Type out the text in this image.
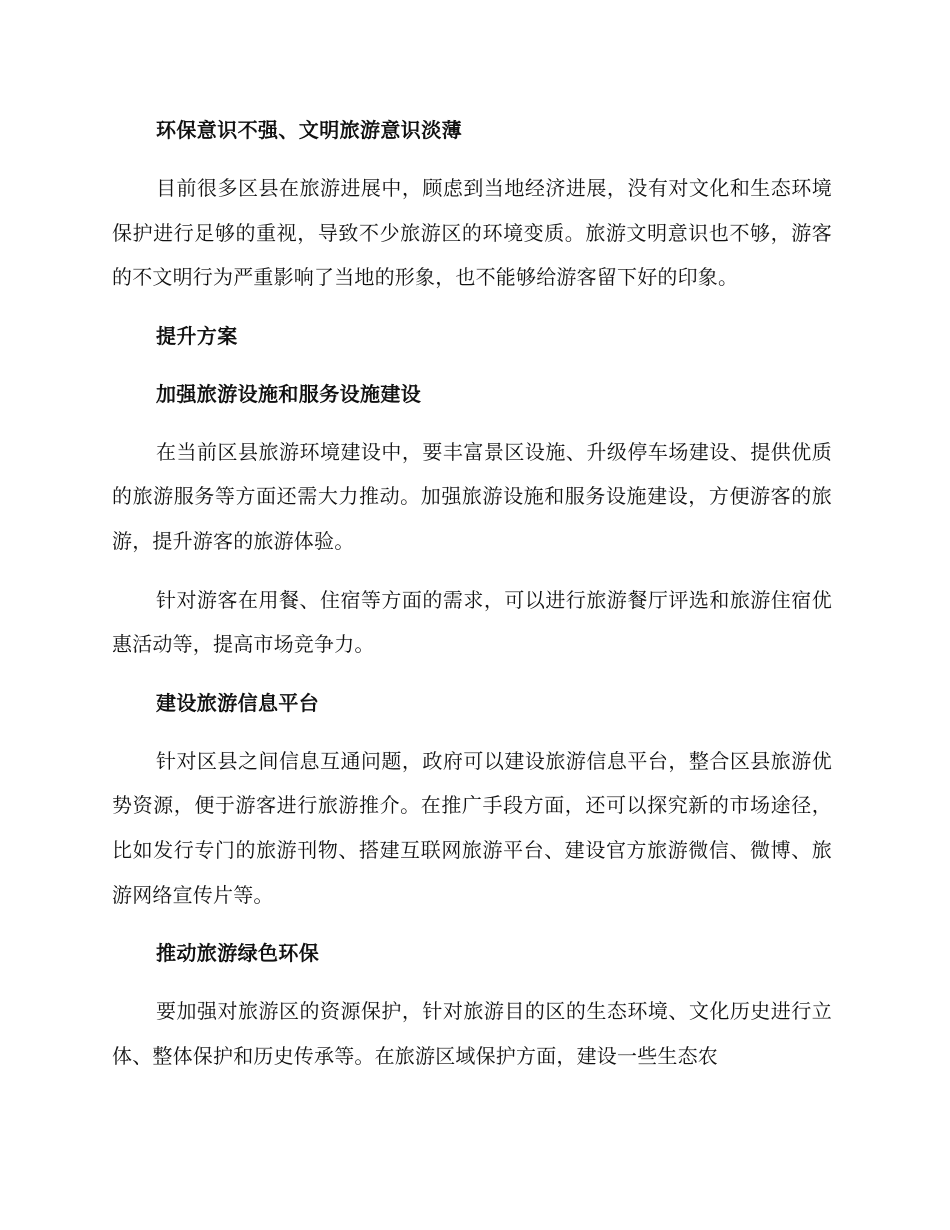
环保意识不强、文明旅游意识淡薄

目前很多区县在旅游进展中，顾虑到当地经济进展，没有对文化和生态环境保护进行足够的重视，导致不少旅游区的环境变质。旅游文明意识也不够，游客的不文明行为严重影响了当地的形象，也不能够给游客留下好的印象。

提升方案
加强旅游设施和服务设施建设

在当前区县旅游环境建设中，要丰富景区设施、升级停车场建设、提供优质的旅游服务等方面还需大力推动。加强旅游设施和服务设施建设，方便游客的旅游，提升游客的旅游体验。

针对游客在用餐、住宿等方面的需求，可以进行旅游餐厅评选和旅游住宿优惠活动等，提高市场竞争力。

建设旅游信息平台

针对区县之间信息互通问题，政府可以建设旅游信息平台，整合区县旅游优势资源，便于游客进行旅游推介。在推广手段方面，还可以探究新的市场途径，比如发行专门的旅游刊物、搭建互联网旅游平台、建设官方旅游微信、微博、旅游网络宣传片等。

推动旅游绿色环保

要加强对旅游区的资源保护，针对旅游目的区的生态环境、文化历史进行立体、整体保护和历史传承等。在旅游区域保护方面，建设一些生态农
